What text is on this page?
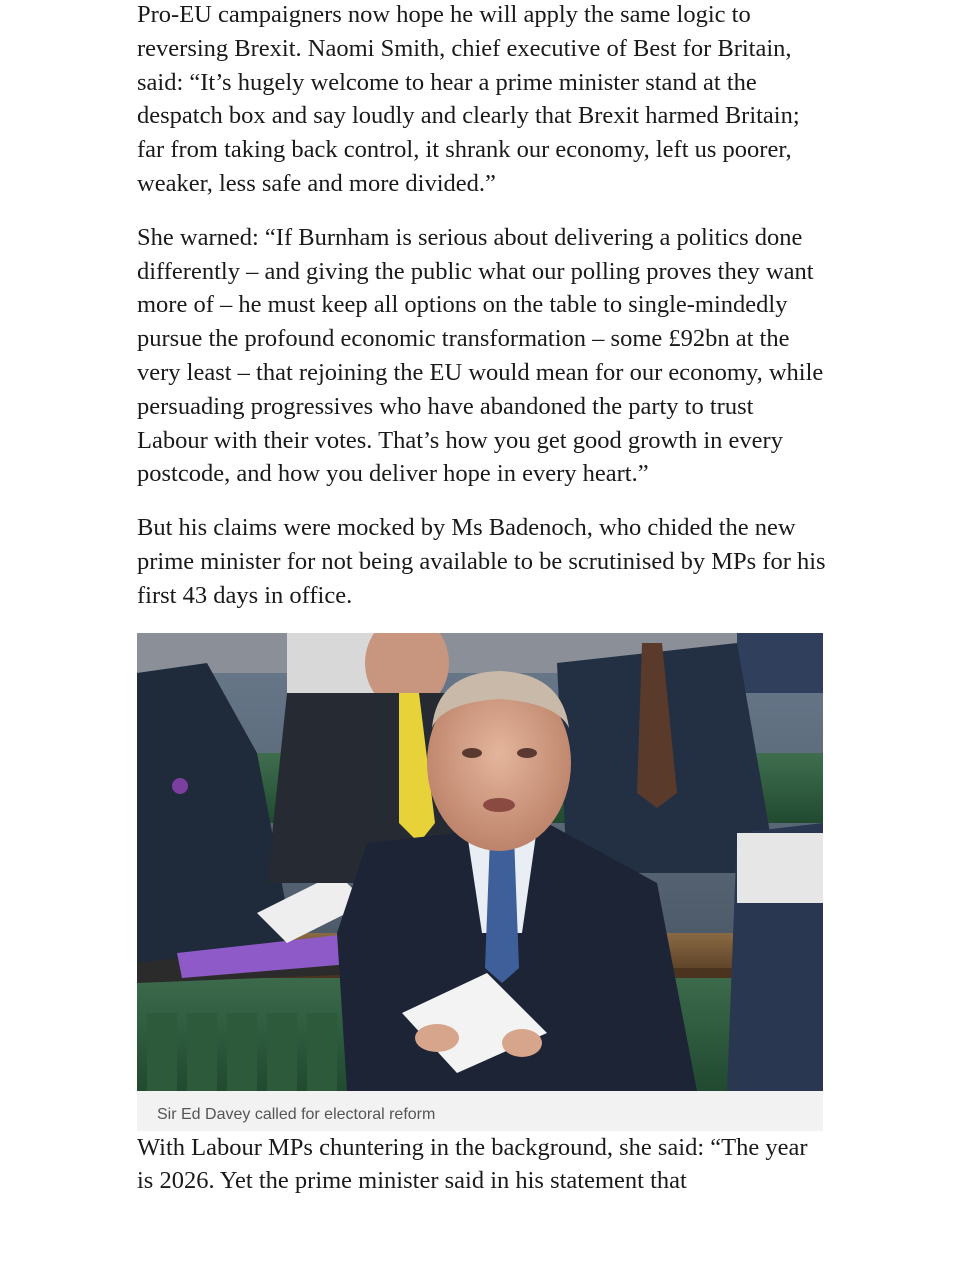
Pro-EU campaigners now hope he will apply the same logic to reversing Brexit. Naomi Smith, chief executive of Best for Britain, said: “It’s hugely welcome to hear a prime minister stand at the despatch box and say loudly and clearly that Brexit harmed Britain; far from taking back control, it shrank our economy, left us poorer, weaker, less safe and more divided.”

She warned: “If Burnham is serious about delivering a politics done differently – and giving the public what our polling proves they want more of – he must keep all options on the table to single-mindedly pursue the profound economic transformation – some £92bn at the very least – that rejoining the EU would mean for our economy, while persuading progressives who have abandoned the party to trust Labour with their votes. That’s how you get good growth in every postcode, and how you deliver hope in every heart.”

But his claims were mocked by Ms Badenoch, who chided the new prime minister for not being available to be scrutinised by MPs for his first 43 days in office.

Sir Ed Davey called for electoral reform

With Labour MPs chuntering in the background, she said: “The year is 2026. Yet the prime minister said in his statement that
